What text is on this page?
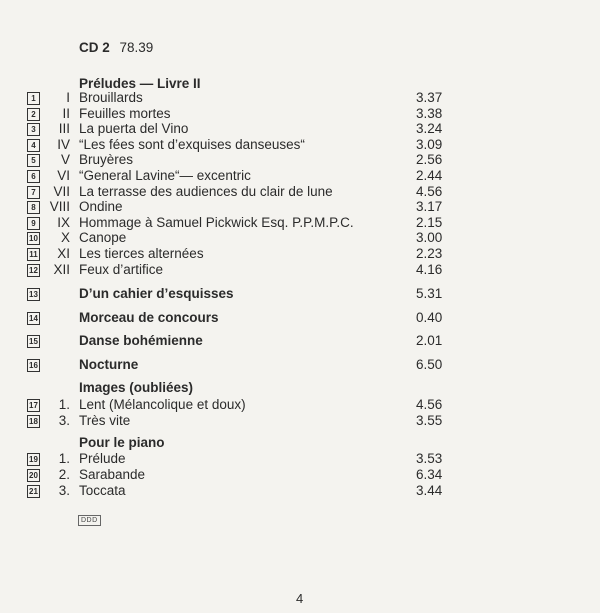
CD 2 78.39
Préludes — Livre II
1	I Brouillards	3.37
2	II Feuilles mortes	3.38
3	III La puerta del Vino	3.24
4	IV “Les fées sont d’exquises danseuses“	3.09
5	V Bruyères	2.56
6	VI “General Lavine“— excentric	2.44
7	VII La terrasse des audiences du clair de lune	4.56
8	VIII Ondine	3.17
9	IX Hommage à Samuel Pickwick Esq. P.P.M.P.C.	2.15
10 X Canope	3.00
11 XI Les tierces alternées	2.23
12 XII Feux d’artifice	4.16
13	D’un cahier d’esquisses	5.31
14	Morceau de concours	0.40
15	Danse bohémienne	2.01
16	Nocturne	6.50
Images (oubliées)
17 1. Lent (Mélancolique et doux)	4.56
18 3. Très vite	3.55
Pour le piano
19 1. Prélude	3.53
20 2. Sarabande	6.34
21 3. Toccata	3.44
DDD
4
